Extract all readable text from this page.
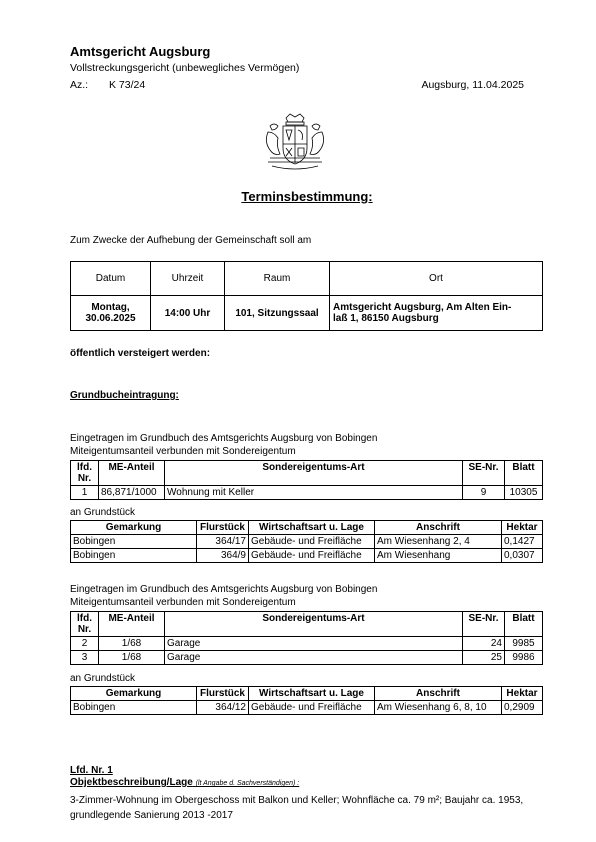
Amtsgericht Augsburg
Vollstreckungsgericht (unbewegliches Vermögen)
Az.: K 73/24	Augsburg, 11.04.2025
Terminsbestimmung:
Zum Zwecke der Aufhebung der Gemeinschaft soll am
Datum	Uhrzeit	Raum	Ort
Montag,
30.06.2025	14:00 Uhr	101, Sitzungssaal	Amtsgericht Augsburg, Am Alten Ein-
laß 1, 86150 Augsburg
öffentlich versteigert werden:
Grundbucheintragung:
Eingetragen im Grundbuch des Amtsgerichts Augsburg von Bobingen
Miteigentumsanteil verbunden mit Sondereigentum
lfd.
Nr.	ME-Anteil	Sondereigentums-Art	SE-Nr.	Blatt
1	86,871/1000	Wohnung mit Keller	9	10305
an Grundstück
Gemarkung	Flurstück	Wirtschaftsart u. Lage	Anschrift	Hektar
Bobingen	364/17	Gebäude- und Freifläche	Am Wiesenhang 2, 4	0,1427
Bobingen	364/9	Gebäude- und Freifläche	Am Wiesenhang	0,0307
Eingetragen im Grundbuch des Amtsgerichts Augsburg von Bobingen
Miteigentumsanteil verbunden mit Sondereigentum
lfd.
Nr.	ME-Anteil	Sondereigentums-Art	SE-Nr.	Blatt
2	1/68	Garage	24	9985
3	1/68	Garage	25	9986
an Grundstück
Gemarkung	Flurstück	Wirtschaftsart u. Lage	Anschrift	Hektar
Bobingen	364/12	Gebäude- und Freifläche	Am Wiesenhang 6, 8, 10	0,2909
Lfd. Nr. 1
Objektbeschreibung/Lage (lt Angabe d. Sachverständigen) :
3-Zimmer-Wohnung im Obergeschoss mit Balkon und Keller; Wohnfläche ca. 79 m²; Baujahr ca. 1953, grundlegende Sanierung 2013 -2017
